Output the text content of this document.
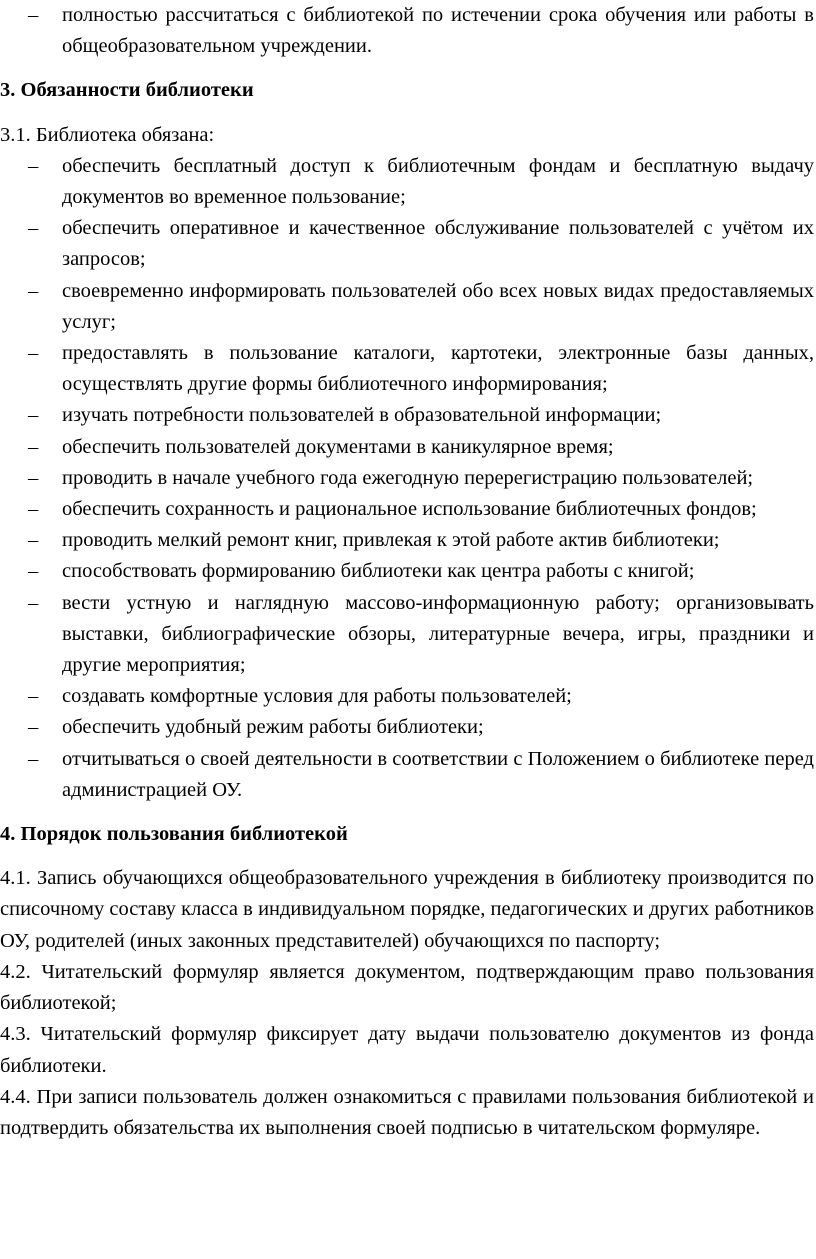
– полностью рассчитаться с библиотекой по истечении срока обучения или работы в общеобразовательном учреждении.

3. Обязанности библиотеки

3.1. Библиотека обязана:

– обеспечить бесплатный доступ к библиотечным фондам и бесплатную выдачу документов во временное пользование;

– обеспечить оперативное и качественное обслуживание пользователей с учётом их запросов;

– своевременно информировать пользователей обо всех новых видах предоставляемых услуг;

– предоставлять в пользование каталоги, картотеки, электронные базы данных, осуществлять другие формы библиотечного информирования;

– изучать потребности пользователей в образовательной информации;

– обеспечить пользователей документами в каникулярное время;

– проводить в начале учебного года ежегодную перерегистрацию пользователей;

– обеспечить сохранность и рациональное использование библиотечных фондов;

– проводить мелкий ремонт книг, привлекая к этой работе актив библиотеки;

– способствовать формированию библиотеки как центра работы с книгой;

– вести устную и наглядную массово-информационную работу; организовывать выставки, библиографические обзоры, литературные вечера, игры, праздники и другие мероприятия;

– создавать комфортные условия для работы пользователей;

– обеспечить удобный режим работы библиотеки;

– отчитываться о своей деятельности в соответствии с Положением о библиотеке перед администрацией ОУ.

4. Порядок пользования библиотекой

4.1. Запись обучающихся общеобразовательного учреждения в библиотеку производится по списочному составу класса в индивидуальном порядке, педагогических и других работников ОУ, родителей (иных законных представителей) обучающихся по паспорту;

4.2. Читательский формуляр является документом, подтверждающим право пользования библиотекой;

4.3. Читательский формуляр фиксирует дату выдачи пользователю документов из фонда библиотеки.

4.4. При записи пользователь должен ознакомиться с правилами пользования библиотекой и подтвердить обязательства их выполнения своей подписью в читательском формуляре.
